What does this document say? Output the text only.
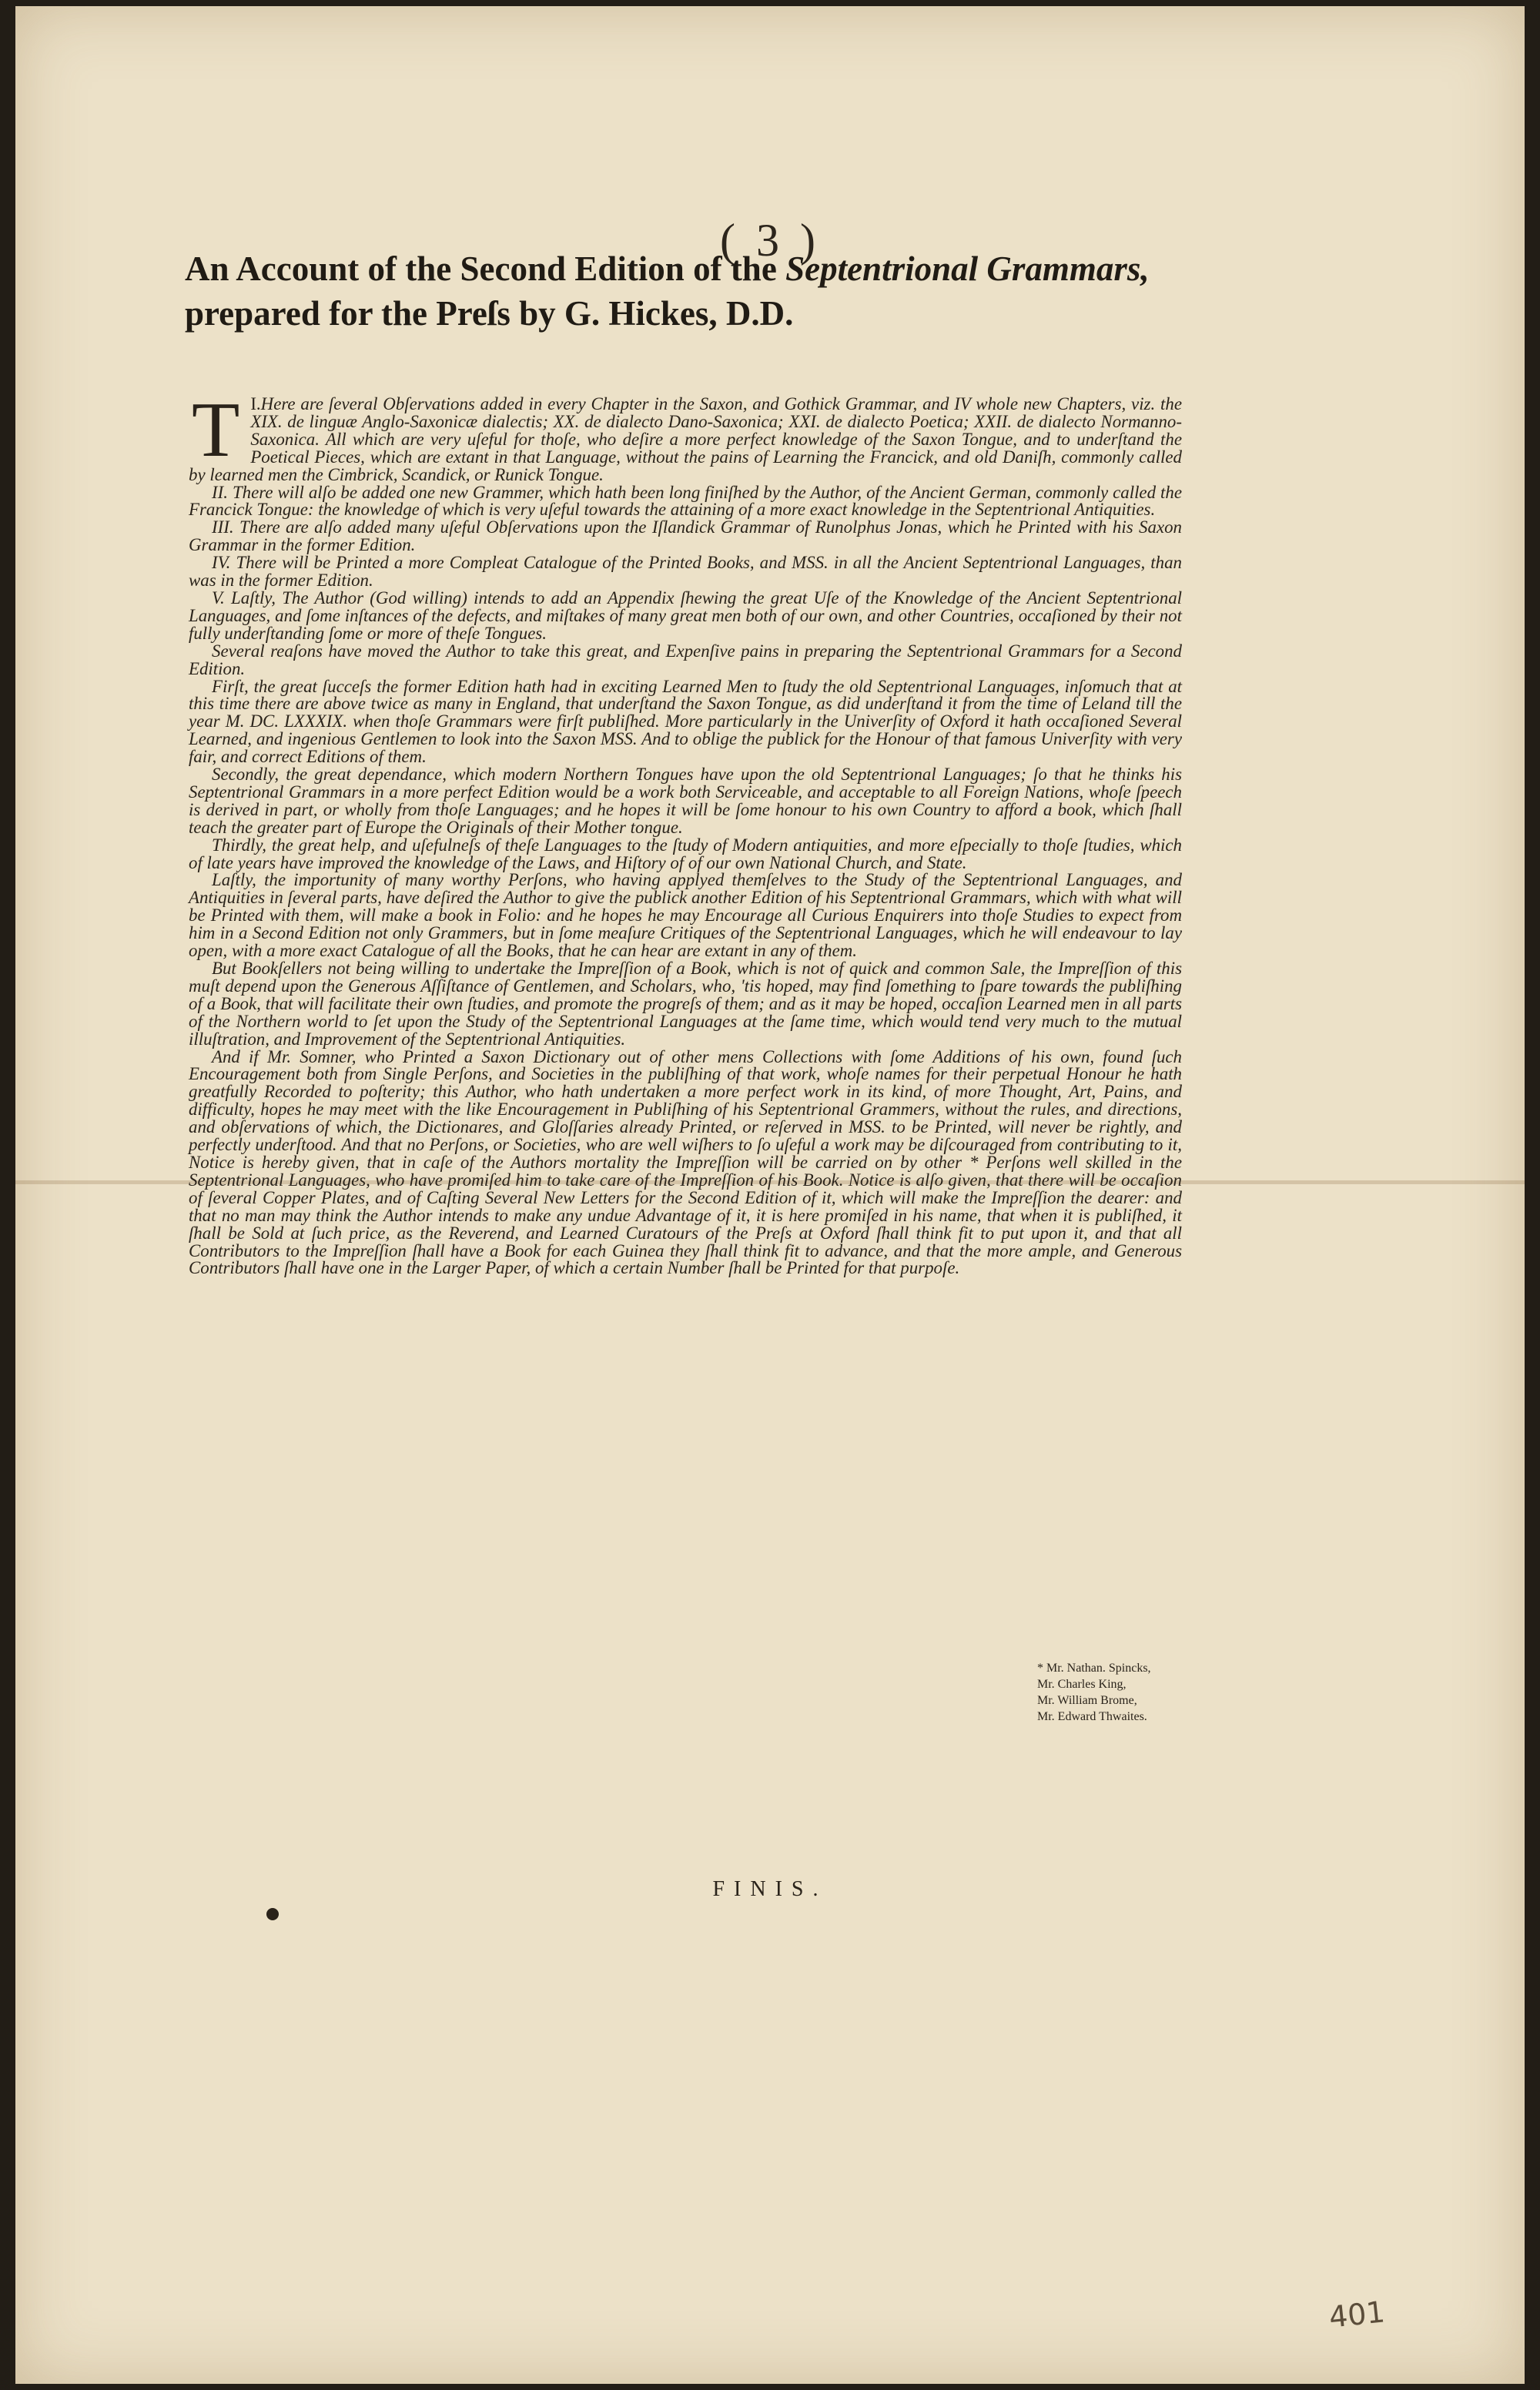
( 3 )
An Account of the Second Edition of the Septentrional Grammars, prepared for the Preſs by G. Hickes, D.D.

I.
T Here are ſeveral Obſervations added in every Chapter in the Saxon, and Gothick Grammar, and IV whole new Chapters, viz. the XIX. de linguæ Anglo-Saxonicæ dialectis; XX. de dialecto Dano-Saxonica; XXI. de dialecto Poetica; XXII. de dialecto Normanno-Saxonica. All which are very uſeful for thoſe, who deſire a more perfect knowledge of the Saxon Tongue, and to underſtand the Poetical Pieces, which are extant in that Language, without the pains of Learning the Francick, and old Daniſh, commonly called by learned men the Cimbrick, Scandick, or Runick Tongue.

II. There will alſo be added one new Grammer, which hath been long finiſhed by the Author, of the Ancient German, commonly called the Francick Tongue: the knowledge of which is very uſeful towards the attaining of a more exact knowledge in the Septentrional Antiquities.

III. There are alſo added many uſeful Obſervations upon the Iſlandick Grammar of Runolphus Jonas, which he Printed with his Saxon Grammar in the former Edition.

IV. There will be Printed a more Compleat Catalogue of the Printed Books, and MSS. in all the Ancient Septentrional Languages, than was in the former Edition.

V. Laſtly, The Author (God willing) intends to add an Appendix ſhewing the great Uſe of the Knowledge of the Ancient Septentrional Languages, and ſome inſtances of the defects, and miſtakes of many great men both of our own, and other Countries, occaſioned by their not fully underſtanding ſome or more of theſe Tongues.

Several reaſons have moved the Author to take this great, and Expenſive pains in preparing the Septentrional Grammars for a Second Edition.

Firſt, the great ſucceſs the former Edition hath had in exciting Learned Men to ſtudy the old Septentrional Languages, inſomuch that at this time there are above twice as many in England, that underſtand the Saxon Tongue, as did underſtand it from the time of Leland till the year M. DC. LXXXIX. when thoſe Grammars were firſt publiſhed. More particularly in the Univerſity of Oxford it hath occaſioned Several Learned, and ingenious Gentlemen to look into the Saxon MSS. And to oblige the publick for the Honour of that famous Univerſity with very fair, and correct Editions of them.

Secondly, the great dependance, which modern Northern Tongues have upon the old Septentrional Languages; ſo that he thinks his Septentrional Grammars in a more perfect Edition would be a work both Serviceable, and acceptable to all Foreign Nations, whoſe ſpeech is derived in part, or wholly from thoſe Languages; and he hopes it will be ſome honour to his own Country to afford a book, which ſhall teach the greater part of Europe the Originals of their Mother tongue.

Thirdly, the great help, and uſefulneſs of theſe Languages to the ſtudy of Modern antiquities, and more eſpecially to thoſe ſtudies, which of late years have improved the knowledge of the Laws, and Hiſtory of of our own National Church, and State.

Laſtly, the importunity of many worthy Perſons, who having applyed themſelves to the Study of the Septentrional Languages, and Antiquities in ſeveral parts, have deſired the Author to give the publick another Edition of his Septentrional Grammars, which with what will be Printed with them, will make a book in Folio: and he hopes he may Encourage all Curious Enquirers into thoſe Studies to expect from him in a Second Edition not only Grammers, but in ſome meaſure Critiques of the Septentrional Languages, which he will endeavour to lay open, with a more exact Catalogue of all the Books, that he can hear are extant in any of them.

But Bookſellers not being willing to undertake the Impreſſion of a Book, which is not of quick and common Sale, the Impreſſion of this muſt depend upon the Generous Aſſiſtance of Gentlemen, and Scholars, who, 'tis hoped, may find ſomething to ſpare towards the publiſhing of a Book, that will facilitate their own ſtudies, and promote the progreſs of them; and as it may be hoped, occaſion Learned men in all parts of the Northern world to ſet upon the Study of the Septentrional Languages at the ſame time, which would tend very much to the mutual illuſtration, and Improvement of the Septentrional Antiquities.

And if Mr. Somner, who Printed a Saxon Dictionary out of other mens Collections with ſome Additions of his own, found ſuch Encouragement both from Single Perſons, and Societies in the publiſhing of that work, whoſe names for their perpetual Honour he hath greatfully Recorded to poſterity; this Author, who hath undertaken a more perfect work in its kind, of more Thought, Art, Pains, and difficulty, hopes he may meet with the like Encouragement in Publiſhing of his Septentrional Grammers, without the rules, and directions, and obſervations of which, the Dictionares, and Gloſſaries already Printed, or reſerved in MSS. to be Printed, will never be rightly, and perfectly underſtood. And that no Perſons, or Societies, who are well wiſhers to ſo uſeful a work may be diſcouraged from contributing to it, Notice is hereby given, that in caſe of the Authors mortality the Impreſſion will be carried on by other * Perſons well skilled in the Septentrional Languages, who have promiſed him to take care of the Impreſſion of his Book. Notice is alſo given, that there will be occaſion of ſeveral Copper Plates, and of Caſting Several New Letters for the Second Edition of it, which will make the Impreſſion the dearer: and that no man may think the Author intends to make any undue Advantage of it, it is here promiſed in his name, that when it is publiſhed, it ſhall be Sold at ſuch price, as the Reverend, and Learned Curatours of the Preſs at Oxford ſhall think fit to put upon it, and that all Contributors to the Impreſſion ſhall have a Book for each Guinea they ſhall think fit to advance, and that the more ample, and Generous Contributors ſhall have one in the Larger Paper, of which a certain Number ſhall be Printed for that purpoſe.

* Mr. Nathan. Spincks,
Mr. Charles King,
Mr. William Brome,
Mr. Edward Thwaites.
FINIS.
401
